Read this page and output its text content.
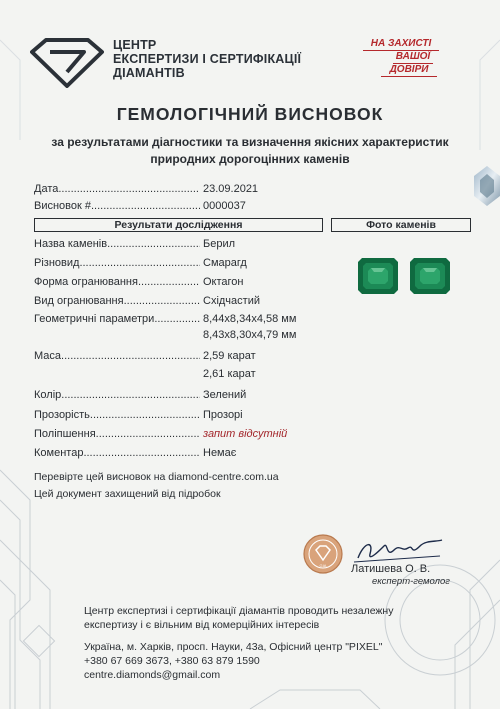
ЦЕНТР
ЕКСПЕРТИЗИ І СЕРТИФІКАЦІЇ
ДІАМАНТІВ
НА ЗАХИСТІ
ВАШОЇ
ДОВІРИ
ГЕМОЛОГІЧНИЙ ВИСНОВОК
за результатами діагностики та визначення якісних характеристик
природних дорогоцінних каменів
Дата .....	23.09.2021
Висновок # .....	0000037
Результати дослідження	Фото каменів
Назва каменів .....	Берил
Різновид .....	Смарагд
Форма огранювання .....	Октагон
Вид огранювання .....	Східчастий
Геометричні параметри .....	8,44x8,34x4,58 мм
8,43x8,30x4,79 мм
Маса .....	2,59 карат
2,61 карат
Колір .....	Зелений
Прозорість .....	Прозорі
Поліпшення .....	запит відсутній
Коментар .....	Немає
Перевірте цей висновок на diamond-centre.com.ua
Цей документ захищений від підробок
GIA Латишева О. В.
експерт-гемолог
Центр експертизі і сертифікації діамантів проводить незалежну
експертизу і є вільним від комерційних інтересів
Україна, м. Харків, просп. Науки, 43а, Офісний центр "PIXEL"
+380 67 669 3673, +380 63 879 1590
centre.diamonds@gmail.com
